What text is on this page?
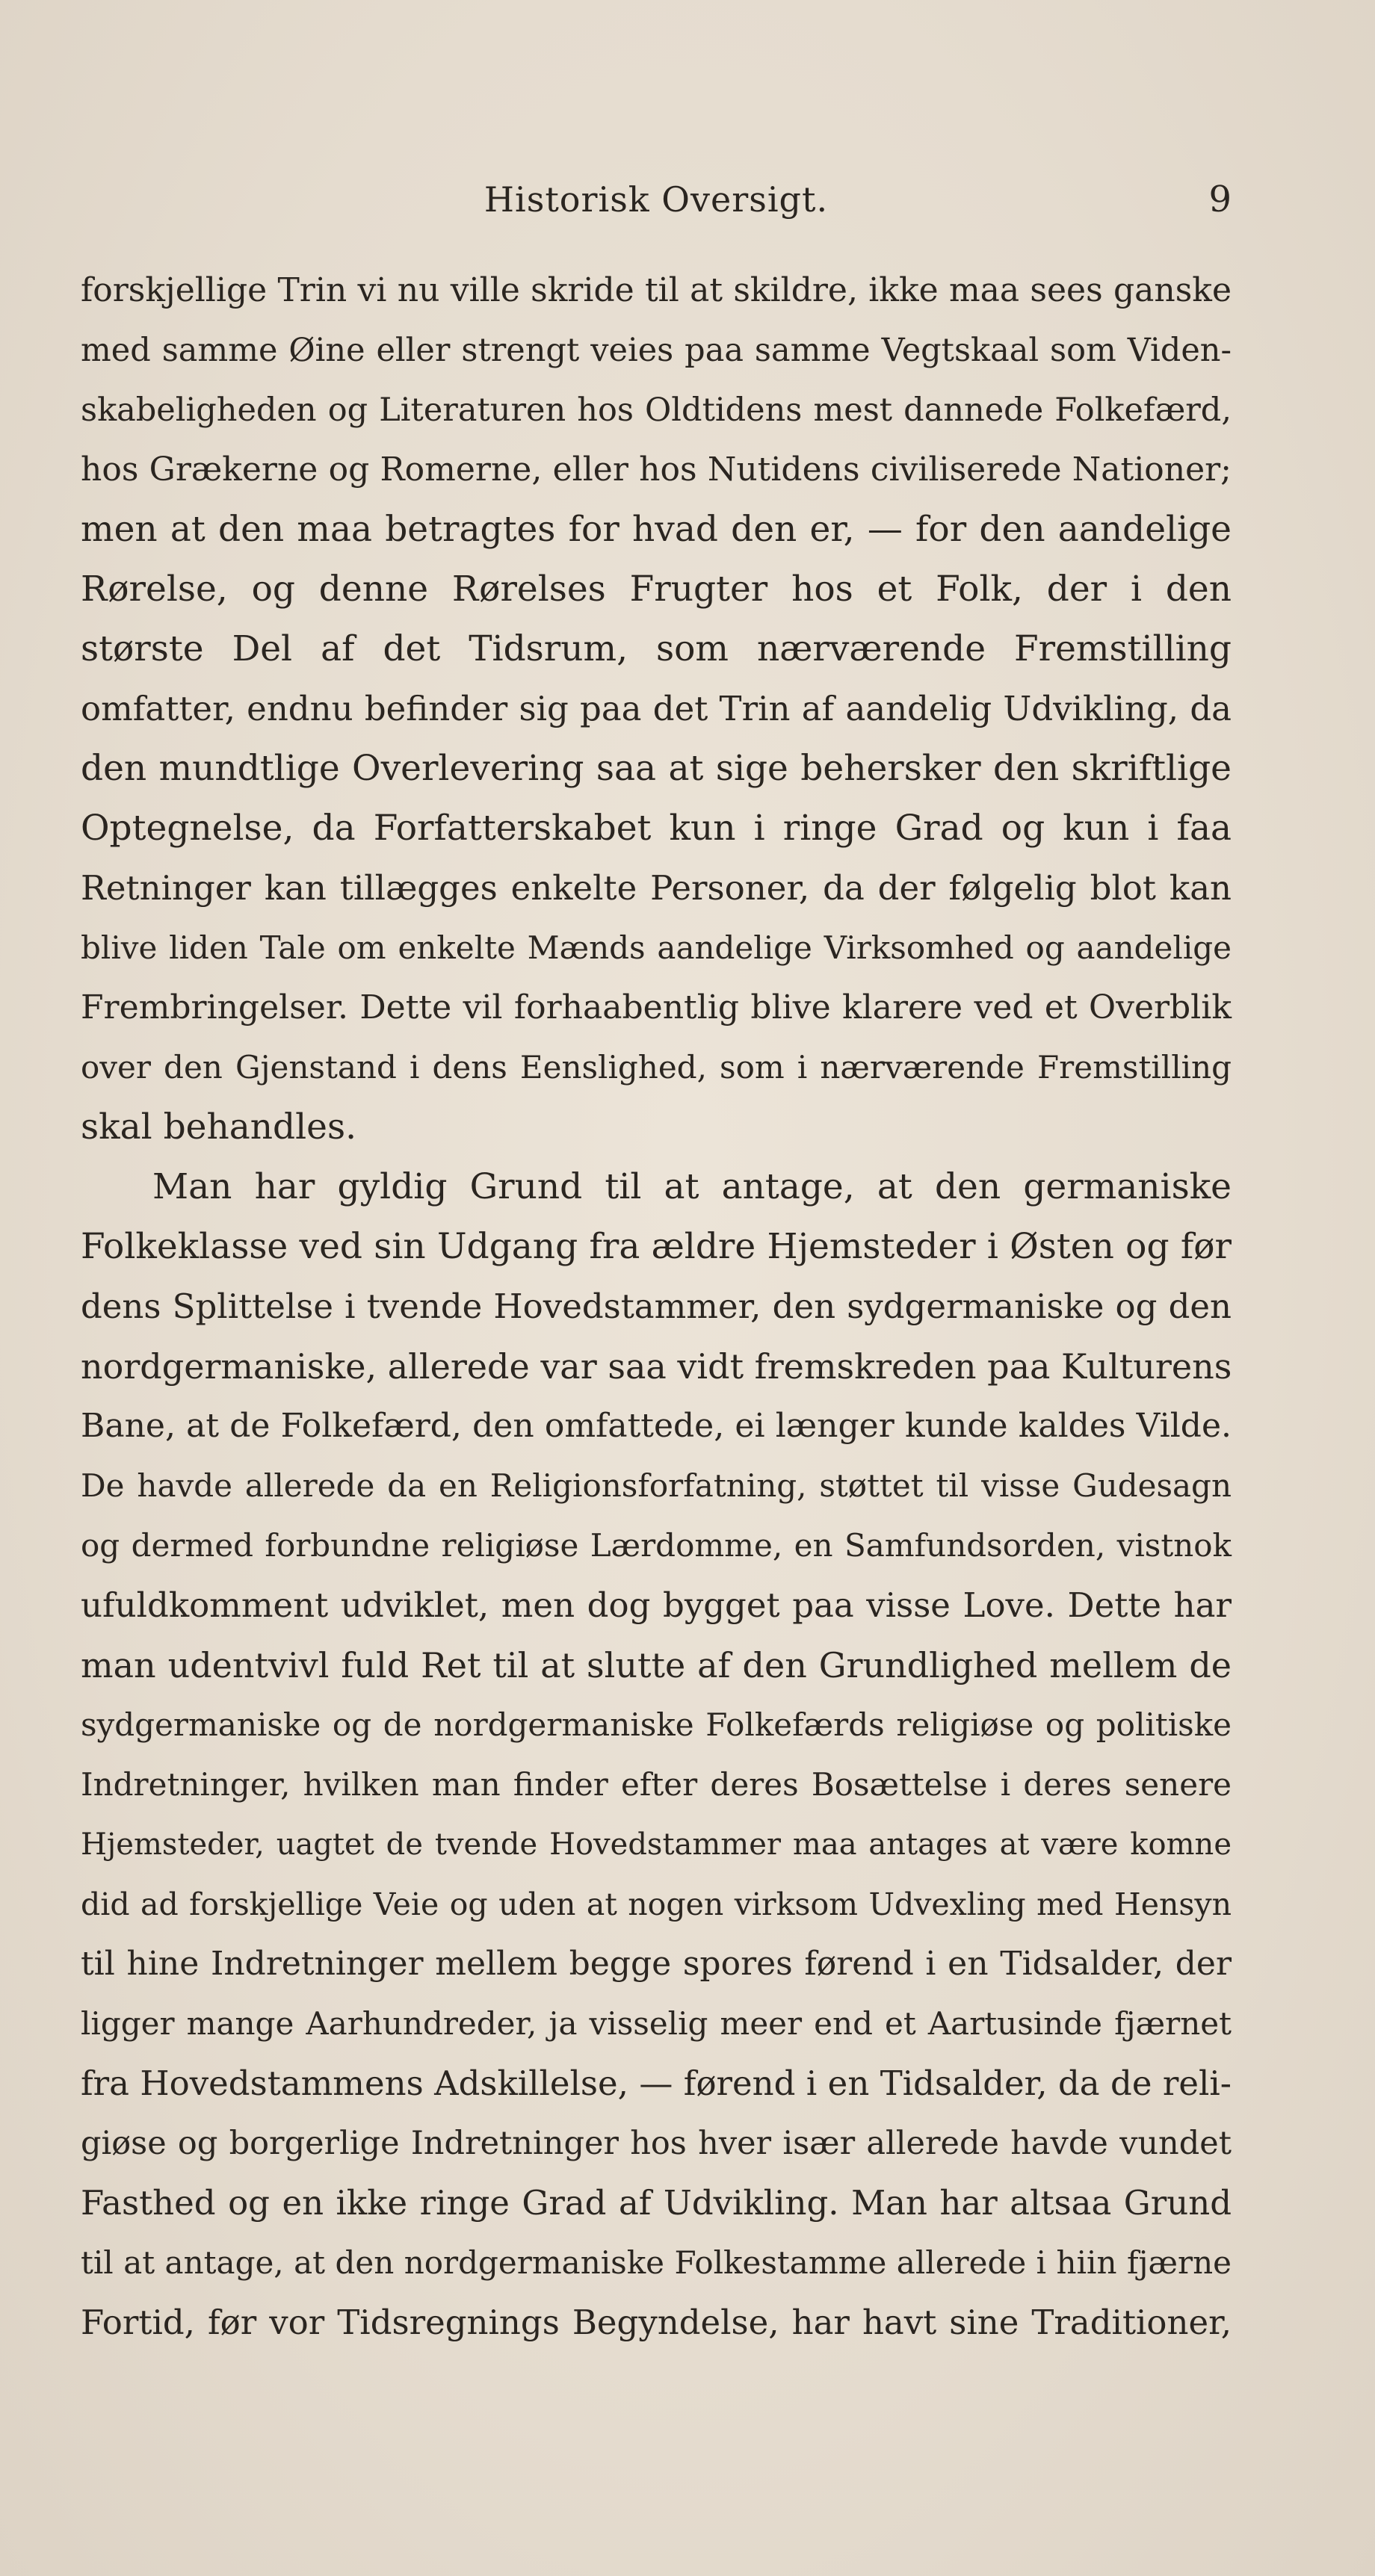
Historisk Oversigt.	9
forskjellige Trin vi nu ville skride til at skildre, ikke maa sees ganske
med samme Øine eller strengt veies paa samme Vegtskaal som Viden-
skabeligheden og Literaturen hos Oldtidens mest dannede Folkefærd,
hos Grækerne og Romerne, eller hos Nutidens civiliserede Nationer;
men at den maa betragtes for hvad den er, — for den aandelige
Rørelse, og denne Rørelses Frugter hos et Folk, der i den
største Del af det Tidsrum, som nærværende Fremstilling
omfatter, endnu befinder sig paa det Trin af aandelig Udvikling, da
den mundtlige Overlevering saa at sige behersker den skriftlige
Optegnelse, da Forfatterskabet kun i ringe Grad og kun i faa
Retninger kan tillægges enkelte Personer, da der følgelig blot kan
blive liden Tale om enkelte Mænds aandelige Virksomhed og aandelige
Frembringelser. Dette vil forhaabentlig blive klarere ved et Overblik
over den Gjenstand i dens Eenslighed, som i nærværende Fremstilling
skal behandles.
Man har gyldig Grund til at antage, at den germaniske
Folkeklasse ved sin Udgang fra ældre Hjemsteder i Østen og før
dens Splittelse i tvende Hovedstammer, den sydgermaniske og den
nordgermaniske, allerede var saa vidt fremskreden paa Kulturens
Bane, at de Folkefærd, den omfattede, ei længer kunde kaldes Vilde.
De havde allerede da en Religionsforfatning, støttet til visse Gudesagn
og dermed forbundne religiøse Lærdomme, en Samfundsorden, vistnok
ufuldkomment udviklet, men dog bygget paa visse Love. Dette har
man udentvivl fuld Ret til at slutte af den Grundlighed mellem de
sydgermaniske og de nordgermaniske Folkefærds religiøse og politiske
Indretninger, hvilken man finder efter deres Bosættelse i deres senere
Hjemsteder, uagtet de tvende Hovedstammer maa antages at være komne
did ad forskjellige Veie og uden at nogen virksom Udvexling med Hensyn
til hine Indretninger mellem begge spores førend i en Tidsalder, der
ligger mange Aarhundreder, ja visselig meer end et Aartusinde fjærnet
fra Hovedstammens Adskillelse, — førend i en Tidsalder, da de reli-
giøse og borgerlige Indretninger hos hver især allerede havde vundet
Fasthed og en ikke ringe Grad af Udvikling. Man har altsaa Grund
til at antage, at den nordgermaniske Folkestamme allerede i hiin fjærne
Fortid, før vor Tidsregnings Begyndelse, har havt sine Traditioner,
